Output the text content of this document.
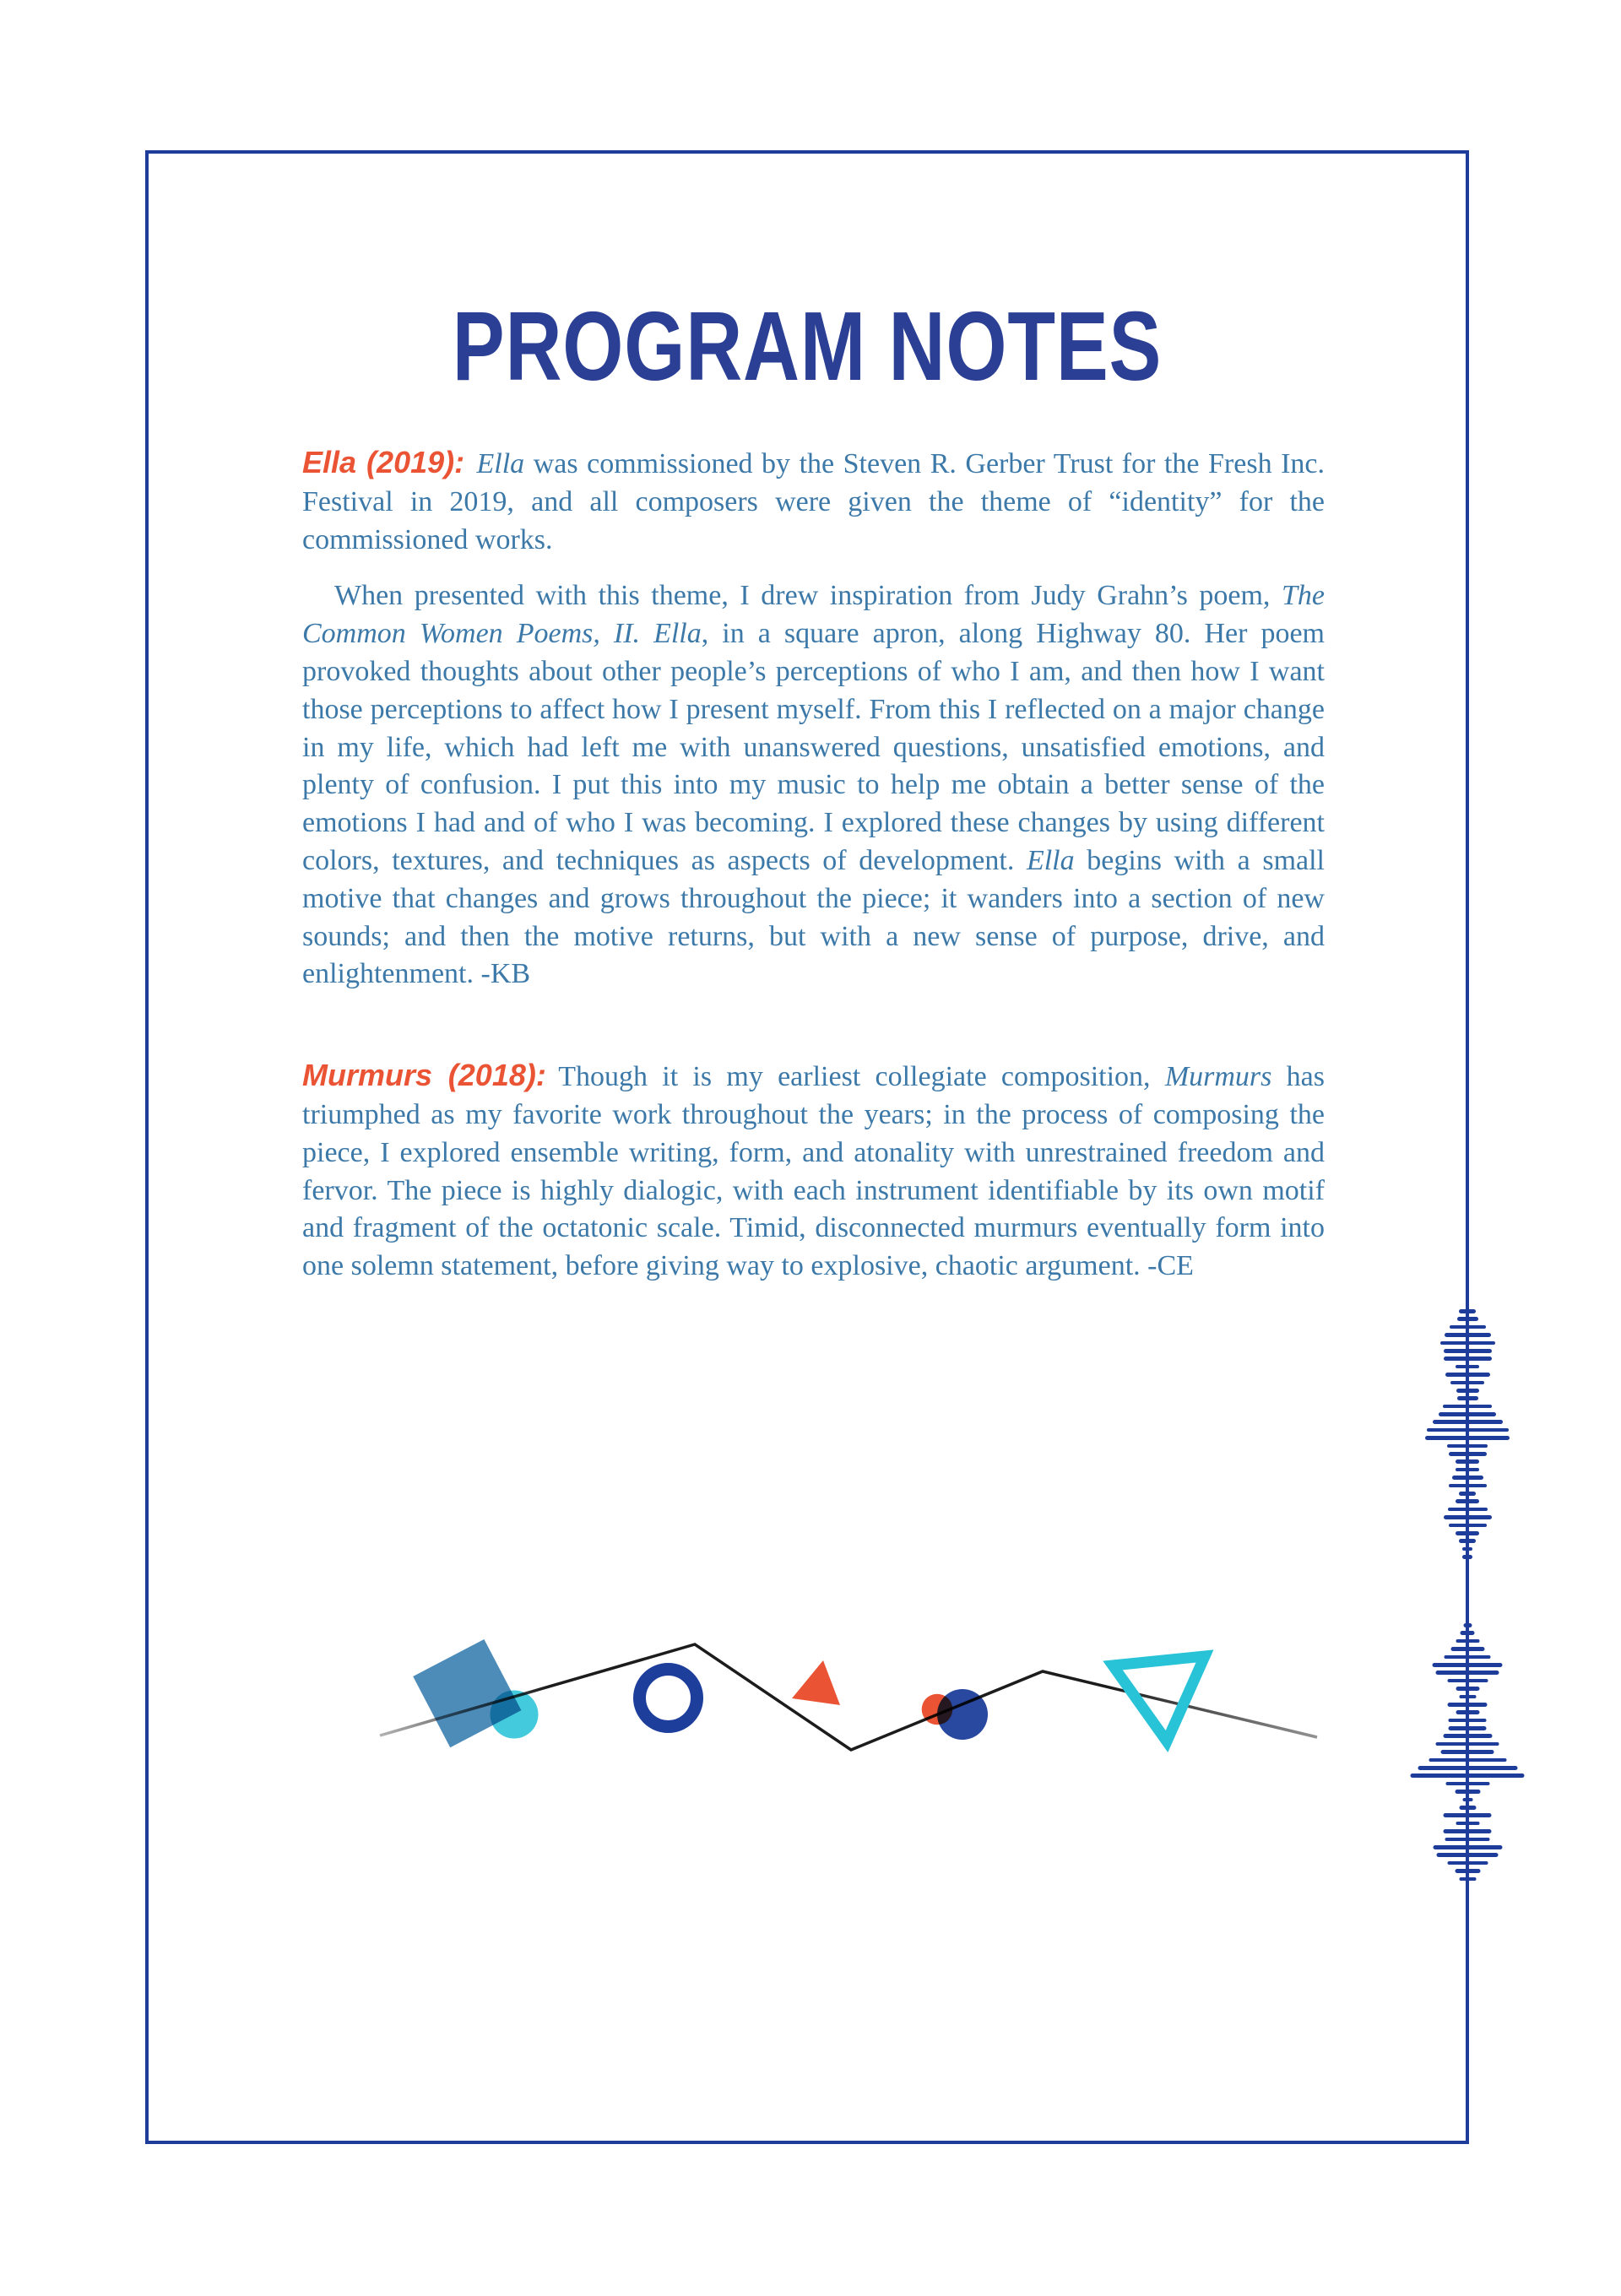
PROGRAM NOTES

Ella (2019): Ella was commissioned by the Steven R. Gerber Trust for the Fresh Inc. Festival in 2019, and all composers were given the theme of “identity” for the commissioned works.

When presented with this theme, I drew inspiration from Judy Grahn’s poem, The Common Women Poems, II. Ella, in a square apron, along Highway 80. Her poem provoked thoughts about other people’s perceptions of who I am, and then how I want those perceptions to affect how I present myself. From this I reflected on a major change in my life, which had left me with unanswered questions, unsatisfied emotions, and plenty of confusion. I put this into my music to help me obtain a better sense of the emotions I had and of who I was becoming. I explored these changes by using different colors, textures, and techniques as aspects of development. Ella begins with a small motive that changes and grows throughout the piece; it wanders into a section of new sounds; and then the motive returns, but with a new sense of purpose, drive, and enlightenment. -KB

Murmurs (2018): Though it is my earliest collegiate composition, Murmurs has triumphed as my favorite work throughout the years; in the process of composing the piece, I explored ensemble writing, form, and atonality with unrestrained freedom and fervor. The piece is highly dialogic, with each instrument identifiable by its own motif and fragment of the octatonic scale. Timid, disconnected murmurs eventually form into one solemn statement, before giving way to explosive, chaotic argument. -CE
